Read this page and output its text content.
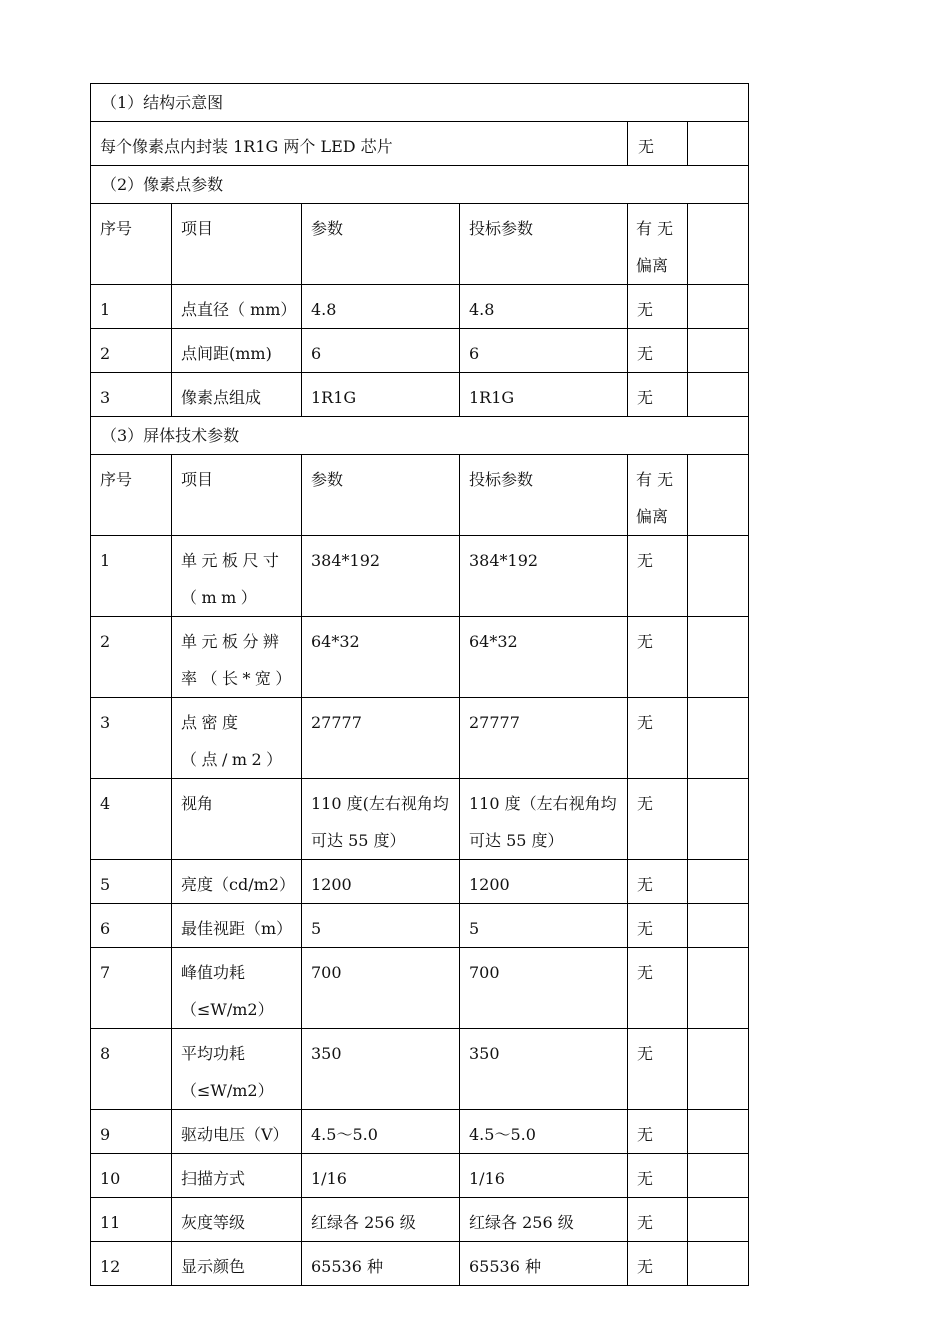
（1）结构示意图					
每个像素点内封装 1R1G 两个 LED 芯片				无	
（2）像素点参数					
序号	项目	参数	投标参数	有 无偏离	
1	点直径（ mm）	4.8	4.8	无	
2	点间距(mm)	6	6	无	
3	像素点组成	1R1G	1R1G	无	
（3）屏体技术参数					
序号	项目	参数	投标参数	有 无偏离	
1	单元板尺寸（mm）	384*192	384*192	无	
2	单元板分辨率（长*宽）	64*32	64*32	无	
3	点密度（点/m2）	27777	27777	无	
4	视角	110 度(左右视角均可达 55 度）	110 度（左右视角均可达 55 度）	无	
5	亮度（cd/m2）	1200	1200	无	
6	最佳视距（m）	5	5	无	
7	峰值功耗（≤W/m2）	700	700	无	
8	平均功耗（≤W/m2）	350	350	无	
9	驱动电压（V）	4.5～5.0	4.5～5.0	无	
10	扫描方式	1/16	1/16	无	
11	灰度等级	红绿各 256 级	红绿各 256 级	无	
12	显示颜色	65536 种	65536 种	无	
